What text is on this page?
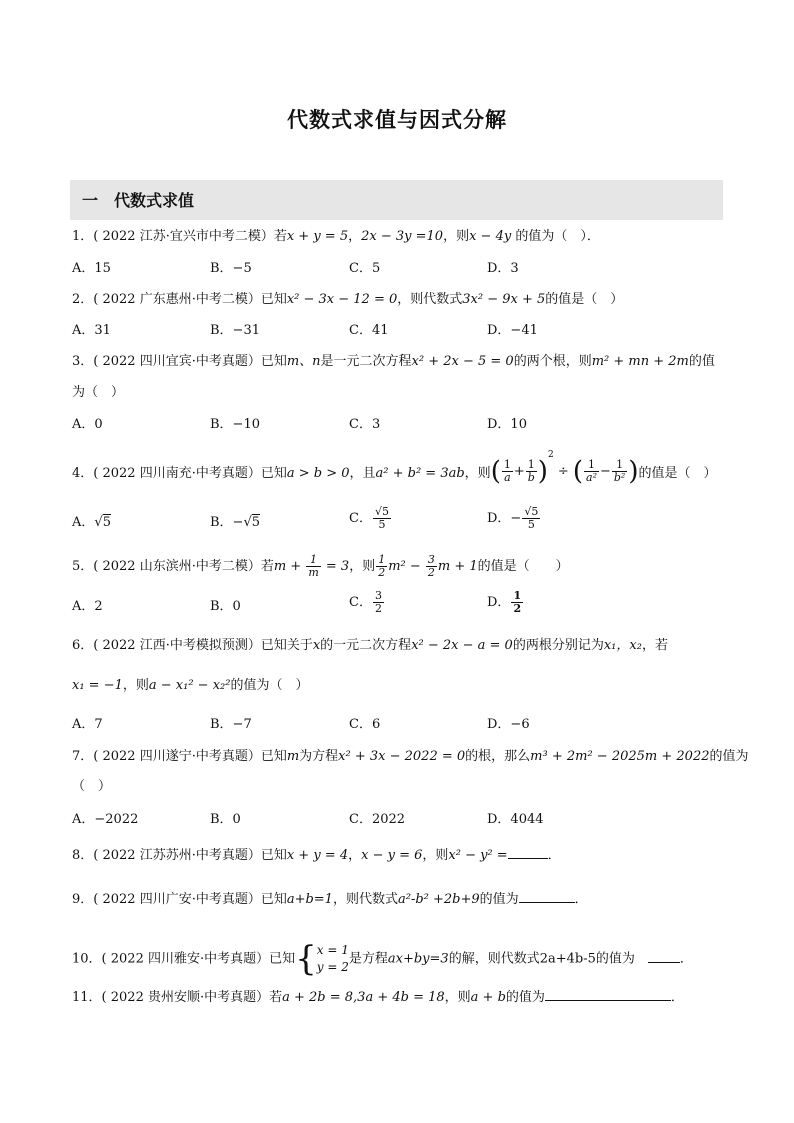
代数式求值与因式分解
一　 代数式求值
1．( 2022 江苏·宜兴市中考二模）若x + y = 5，2x − 3y =10，则x − 4y 的值为（　）．
A．15	B．−5	C．5	D．3
2．( 2022 广东惠州·中考二模）已知x² − 3x − 12 = 0，则代数式3x² − 9x + 5的值是（　）
A．31	B．−31	C．41	D．−41
3．( 2022 四川宜宾·中考真题）已知m、n是一元二次方程x² + 2x − 5 = 0的两个根，则m² + mn + 2m的值
为（　）
A．0	B．−10	C．3	D．10
4．( 2022 四川南充·中考真题）已知a > b > 0，且a² + b² = 3ab，则( $\frac{1}{a} + \frac{1}{b} )^2$ ÷ ( $\frac{1}{\text{a²}} - \frac{1}{\text{b²}}$ )的值是（　）
A．√5	B．−√5	C． $\frac{√5}{5}$	D．− $\frac{√5}{5}$
5．( 2022 山东滨州·中考二模）若$m + \frac{1}{m} = 3$，则 $\frac{1}{2} m^2 - \frac{3}{2}$ m + 1的值是（　　）
A．2	B．0	C． $\frac{3}{2}$	D． $\frac{1}{2}$
6．( 2022 江西·中考模拟预测）已知关于x的一元二次方程x² − 2x − a = 0的两根分别记为x₁，x₂，若
x₁ = −1，则a − x₁² − x₂²的值为（　）
A．7	B．−7	C．6	D．−6
7．( 2022 四川遂宁·中考真题）已知m为方程x² + 3x − 2022 = 0的根，那么m³ + 2m² − 2025m + 2022的值为
（　）
A．−2022	B．0	C．2022	D．4044
8．( 2022 江苏苏州·中考真题）已知x + y = 4，x − y = 6，则x² − y² =	．
9．( 2022 四川广安·中考真题）已知a+b=1，则代数式a²-b² +2b+9的值为	．
10．( 2022 四川雅安·中考真题）已知{ x = 1
y = 2
是方程ax+by=3的解，则代数式2a+4b-5的值为　	．
11．( 2022 贵州安顺·中考真题）若a + 2b = 8,3a + 4b = 18，则a + b的值为	．
